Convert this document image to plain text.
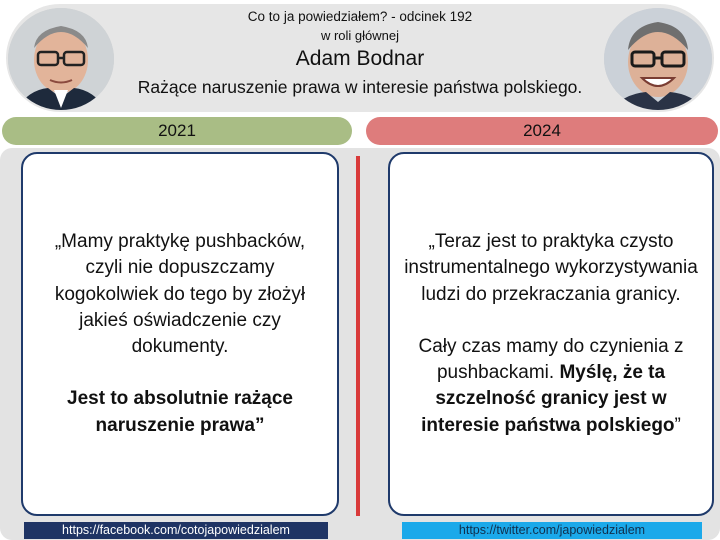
Co to ja powiedziałem? - odcinek 192
w roli głównej
Adam Bodnar
Rażące naruszenie prawa w interesie państwa polskiego.
2021	2024

„Mamy praktykę pushbacków, czyli nie dopuszczamy kogokolwiek do tego by złożył jakieś oświadczenie czy dokumenty.

Jest to absolutnie rażące naruszenie prawa”

„Teraz jest to praktyka czysto instrumentalnego wykorzystywania ludzi do przekraczania granicy.

Cały czas mamy do czynienia z pushbackami. Myślę, że ta szczelność granicy jest w interesie państwa polskiego”

https://facebook.com/cotojapowiedzialem	https://twitter.com/japowiedzialem
